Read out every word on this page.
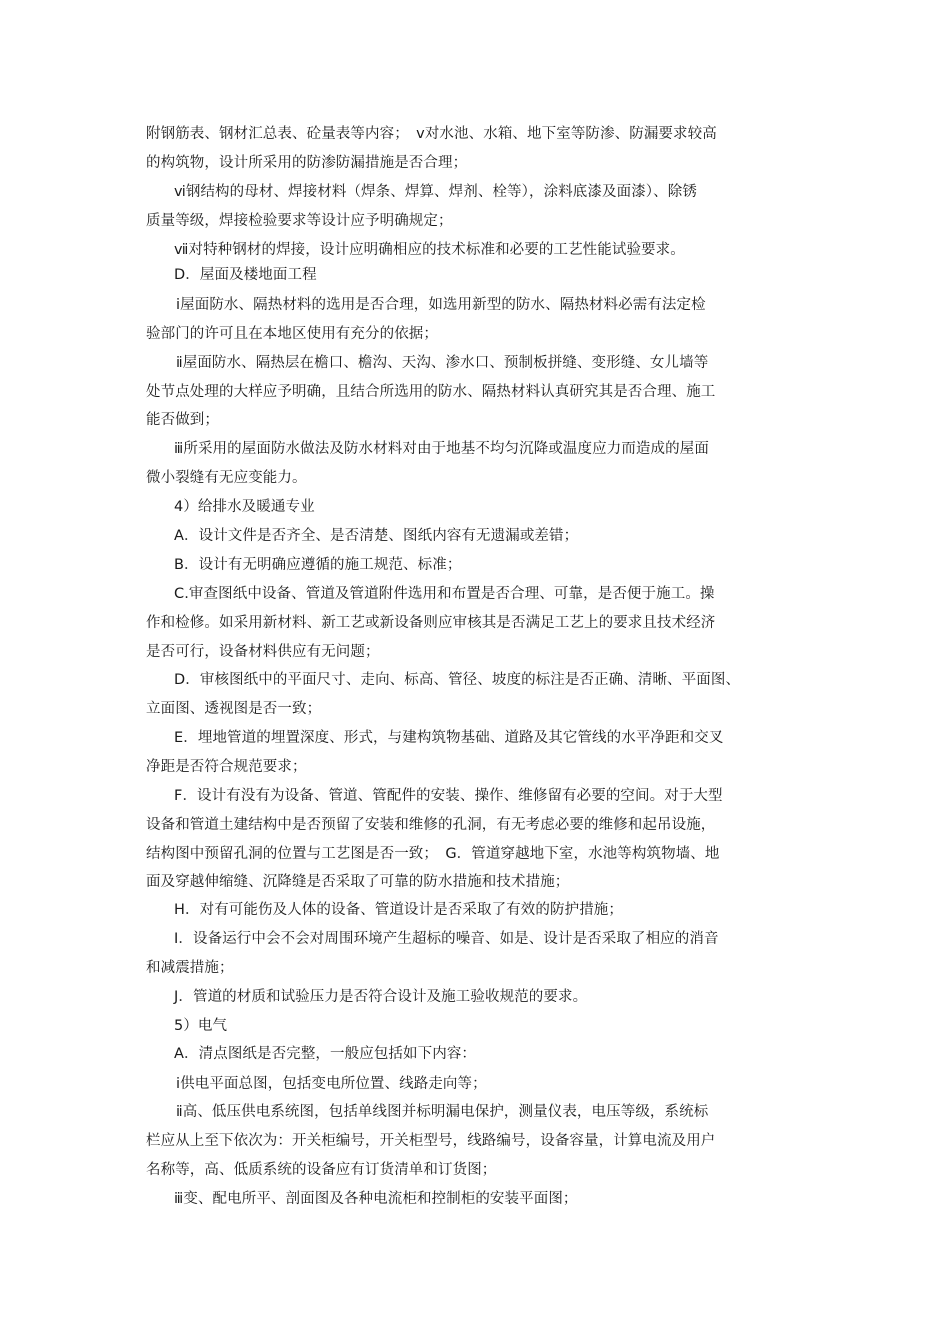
附钢筋表、钢材汇总表、砼量表等内容；　ⅴ对水池、水箱、地下室等防渗、防漏要求较高
的构筑物，设计所采用的防渗防漏措施是否合理；
ⅵ钢结构的母材、焊接材料（焊条、焊算、焊剂、栓等），涂料底漆及面漆）、除锈
质量等级，焊接检验要求等设计应予明确规定；
ⅶ对特种钢材的焊接，设计应明确相应的技术标准和必要的工艺性能试验要求。
D．屋面及楼地面工程
ⅰ屋面防水、隔热材料的选用是否合理，如选用新型的防水、隔热材料必需有法定检
验部门的许可且在本地区使用有充分的依据；
ⅱ屋面防水、隔热层在檐口、檐沟、天沟、渗水口、预制板拼缝、变形缝、女儿墙等
处节点处理的大样应予明确，且结合所选用的防水、隔热材料认真研究其是否合理、施工
能否做到；
ⅲ所采用的屋面防水做法及防水材料对由于地基不均匀沉降或温度应力而造成的屋面
微小裂缝有无应变能力。
4）给排水及暖通专业
A．设计文件是否齐全、是否清楚、图纸内容有无遗漏或差错；
B．设计有无明确应遵循的施工规范、标准；
C.审查图纸中设备、管道及管道附件选用和布置是否合理、可靠，是否便于施工。操
作和检修。如采用新材料、新工艺或新设备则应审核其是否满足工艺上的要求且技术经济
是否可行，设备材料供应有无问题；
D．审核图纸中的平面尺寸、走向、标高、管径、坡度的标注是否正确、清晰、平面图、
立面图、透视图是否一致；
E．埋地管道的埋置深度、形式，与建构筑物基础、道路及其它管线的水平净距和交叉
净距是否符合规范要求；
F．设计有没有为设备、管道、管配件的安装、操作、维修留有必要的空间。对于大型
设备和管道土建结构中是否预留了安装和维修的孔洞，有无考虑必要的维修和起吊设施，
结构图中预留孔洞的位置与工艺图是否一致；　G．管道穿越地下室，水池等构筑物墙、地
面及穿越伸缩缝、沉降缝是否采取了可靠的防水措施和技术措施；
H．对有可能伤及人体的设备、管道设计是否采取了有效的防护措施；
I．设备运行中会不会对周围环境产生超标的噪音、如是、设计是否采取了相应的消音
和减震措施；
J．管道的材质和试验压力是否符合设计及施工验收规范的要求。
5）电气
A．清点图纸是否完整，一般应包括如下内容：
ⅰ供电平面总图，包括变电所位置、线路走向等；
ⅱ高、低压供电系统图，包括单线图并标明漏电保护，测量仪表，电压等级，系统标
栏应从上至下依次为：开关柜编号，开关柜型号，线路编号，设备容量，计算电流及用户
名称等，高、低质系统的设备应有订货清单和订货图；
ⅲ变、配电所平、剖面图及各种电流柜和控制柜的安装平面图；
